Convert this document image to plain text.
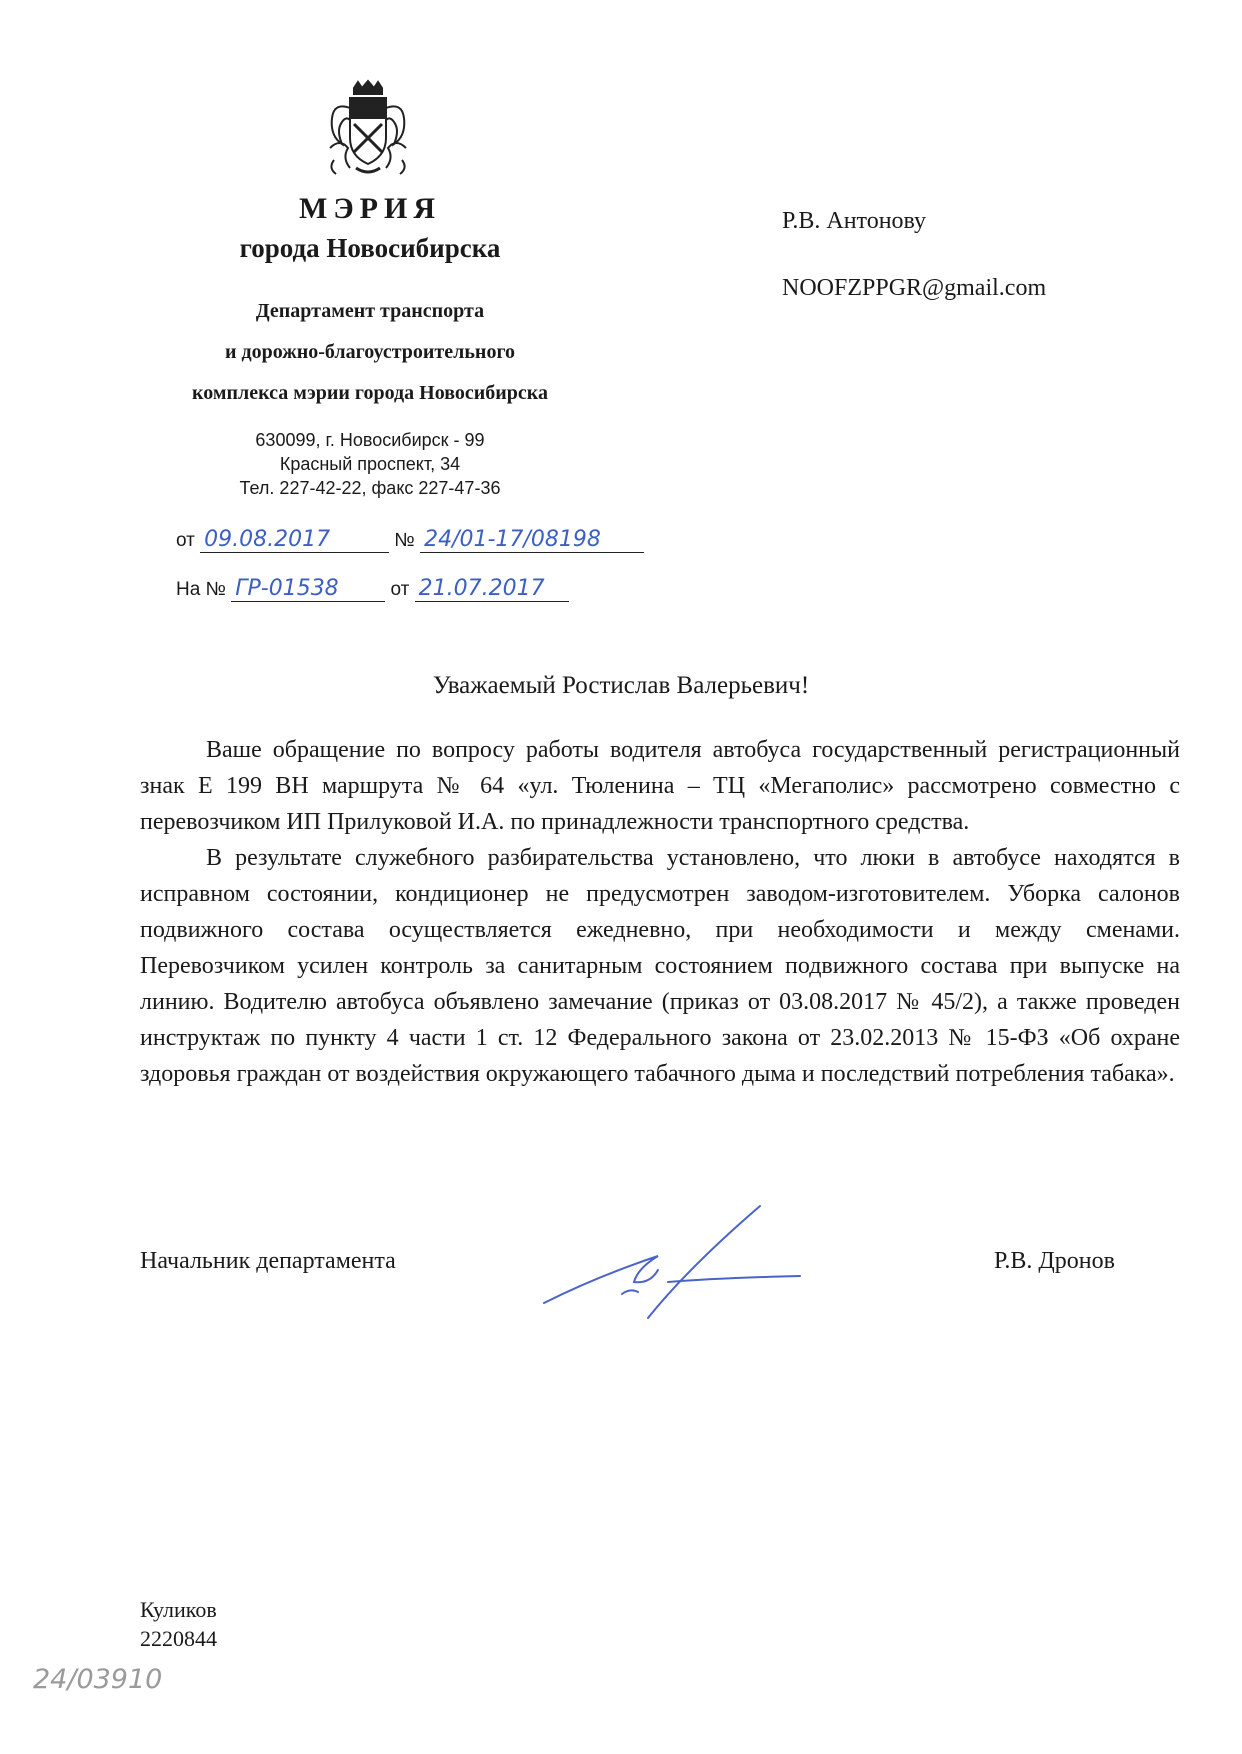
МЭРИЯ
города Новосибирска
Департамент транспорта
и дорожно-благоустроительного
комплекса мэрии города Новосибирска
630099, г. Новосибирск - 99
Красный проспект, 34
Тел. 227-42-22, факс 227-47-36
от 09.08.2017	№ 24/01-17/08198
На № ГР-01538	от 21.07.2017
Р.В. Антонову
NOOFZPPGR@gmail.com
Уважаемый Ростислав Валерьевич!

Ваше обращение по вопросу работы водителя автобуса государственный регистрационный знак Е 199 ВН маршрута № 64 «ул. Тюленина – ТЦ «Мегаполис» рассмотрено совместно с перевозчиком ИП Прилуковой И.А. по принадлежности транспортного средства.

В результате служебного разбирательства установлено, что люки в автобусе находятся в исправном состоянии, кондиционер не предусмотрен заводом-изготовителем. Уборка салонов подвижного состава осуществляется ежедневно, при необходимости и между сменами. Перевозчиком усилен контроль за санитарным состоянием подвижного состава при выпуске на линию. Водителю автобуса объявлено замечание (приказ от 03.08.2017 № 45/2), а также проведен инструктаж по пункту 4 части 1 ст. 12 Федерального закона от 23.02.2013 № 15-ФЗ «Об охране здоровья граждан от воздействия окружающего табачного дыма и последствий потребления табака».

Начальник департамента	Р.В. Дронов
Куликов
2220844
24/03910
